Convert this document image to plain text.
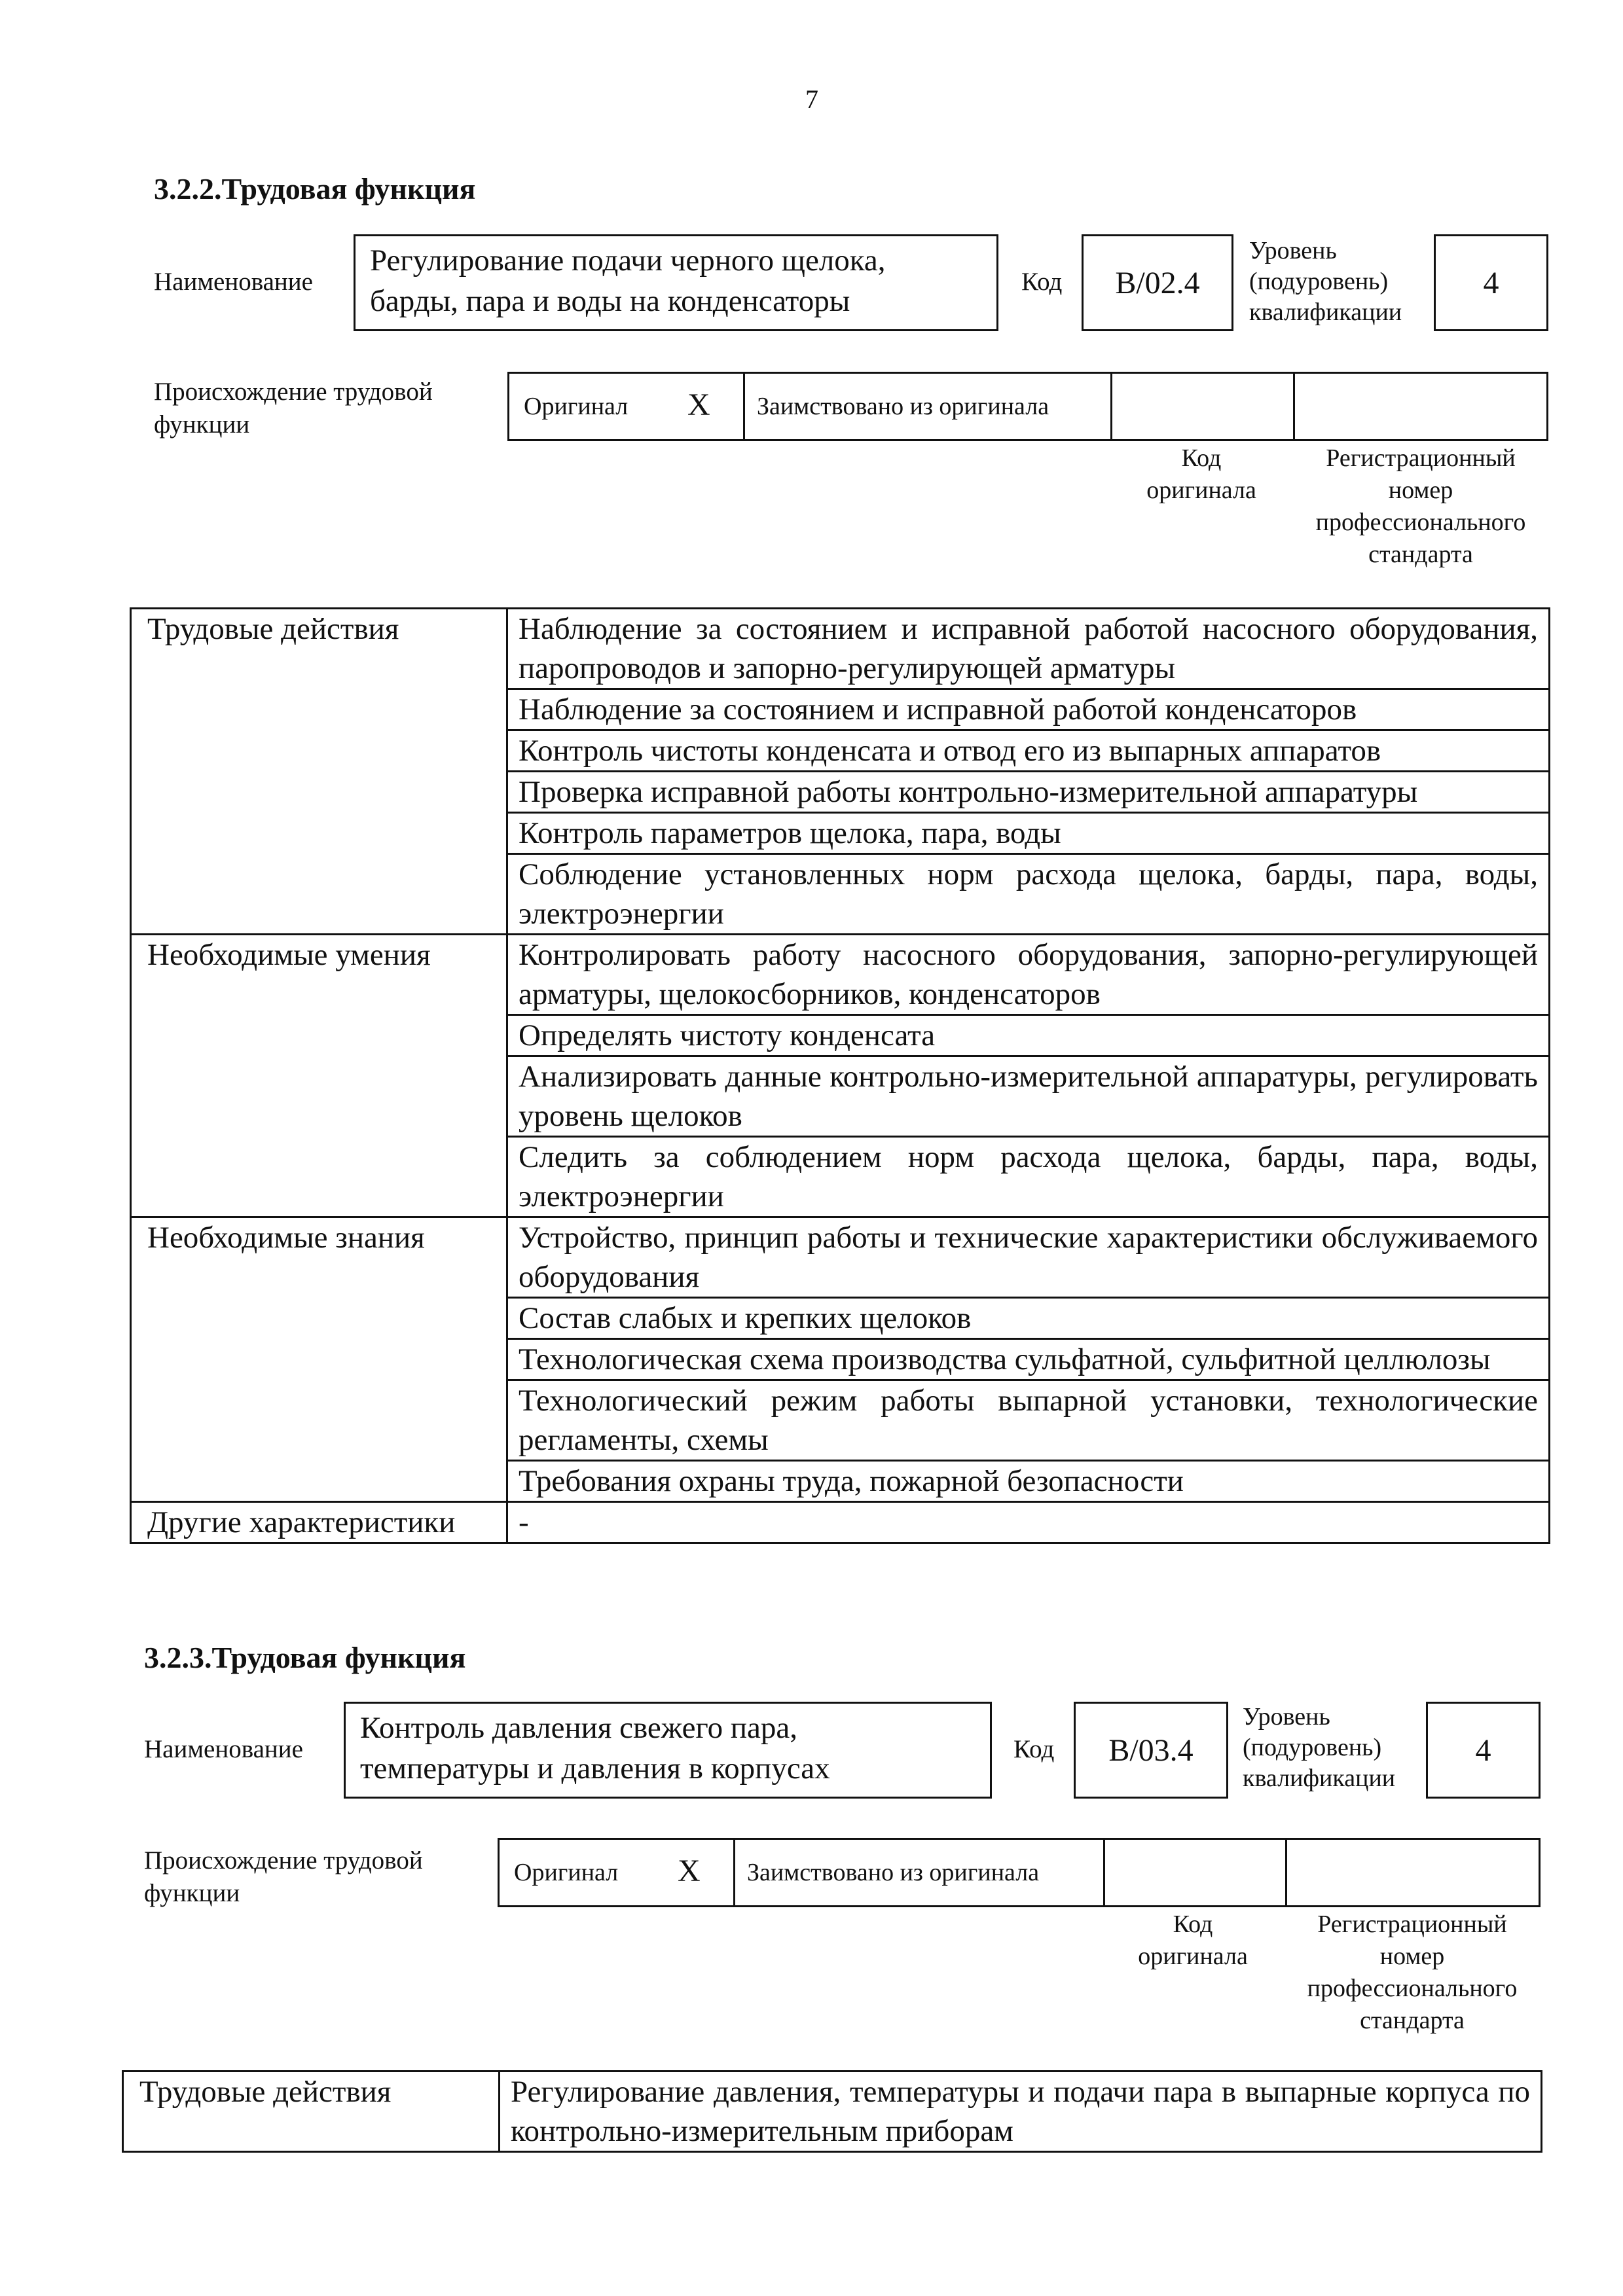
7
3.2.2.Трудовая функция
Наименование
Регулирование подачи черного щелока,
барды, пара и воды на конденсаторы
Код	В/02.4
Уровень
(подуровень)
квалификации
4
Происхождение трудовой
функции
Оригинал X Заимствовано из оригинала
Код
оригинала
Регистрационный
номер
профессионального
стандарта
Трудовые действия	Наблюдение за состоянием и исправной работой насосного оборудования, паропроводов и запорно-регулирующей арматуры
	Наблюдение за состоянием и исправной работой конденсаторов
	Контроль чистоты конденсата и отвод его из выпарных аппаратов
	Проверка исправной работы контрольно-измерительной аппаратуры
	Контроль параметров щелока, пара, воды
	Соблюдение установленных норм расхода щелока, барды, пара, воды, электроэнергии
Необходимые умения	Контролировать работу насосного оборудования, запорно-регулирующей арматуры, щелокосборников, конденсаторов
	Определять чистоту конденсата
	Анализировать данные контрольно-измерительной аппаратуры, регулировать уровень щелоков
	Следить за соблюдением норм расхода щелока, барды, пара, воды, электроэнергии
Необходимые знания	Устройство, принцип работы и технические характеристики обслуживаемого оборудования
	Состав слабых и крепких щелоков
	Технологическая схема производства сульфатной, сульфитной целлюлозы
	Технологический режим работы выпарной установки, технологические регламенты, схемы
	Требования охраны труда, пожарной безопасности
Другие характеристики	-
3.2.3.Трудовая функция
Наименование
Контроль давления свежего пара,
температуры и давления в корпусах
Код	В/03.4
Уровень
(подуровень)
квалификации
4
Происхождение трудовой
функции
Оригинал X Заимствовано из оригинала
Код
оригинала
Регистрационный
номер
профессионального
стандарта
Трудовые действия	Регулирование давления, температуры и подачи пара в выпарные корпуса по контрольно-измерительным приборам
